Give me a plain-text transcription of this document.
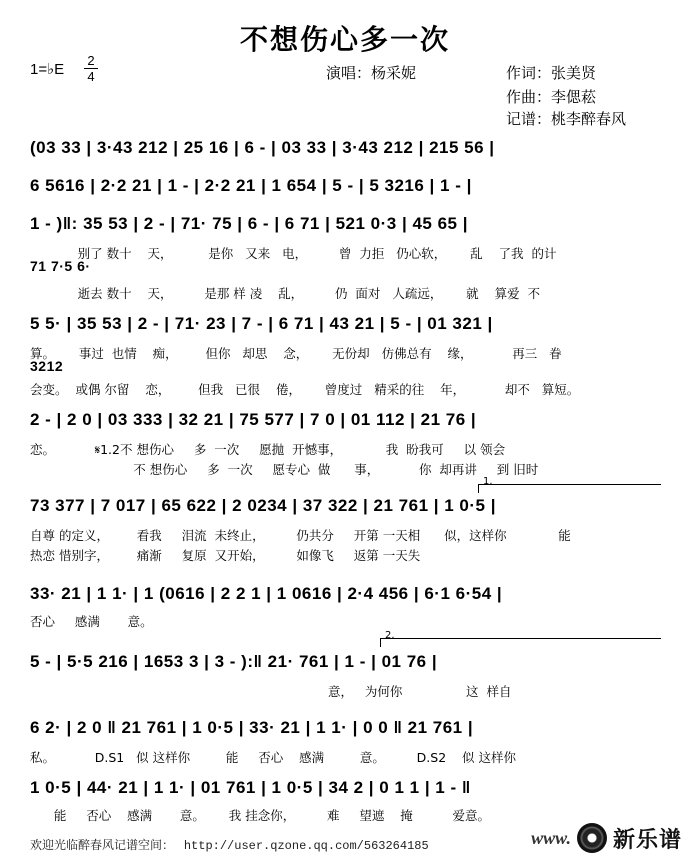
不想伤心多一次
1=♭E
2
4	演唱：杨采妮	作词：张美贤
作曲：李偲菘
记谱：桃李醉春风
(03 33 | 3·43 212 | 25 16 | 6 - | 03 33 | 3·43 212 | 215 56 |
6 5616 | 2·2 21 | 1 - | 2·2 21 | 1 654 | 5 - | 5 3216 | 1 - |
1 - )‖: 35 53 | 2 - | 71· 75 | 6 - | 6 71 | 521 0·3 | 45 65 |
别了 数十    天，         是你   又来   电，        曾  力拒   仍心软，      乱    了我  的计
71 7·5 6·
逝去 数十    天，        是那 样 凌    乱，        仍  面对   人疏远，      就    算爱  不
5 5· | 35 53 | 2 - | 71· 23 | 7 - | 6 71 | 43 21 | 5 - | 01 321 |
算。      事过  也情    痴，       但你   却思    念，      无份却   仿佛总有    缘，          再三   眷
3212
会变。  或偶 尔留    恋，       但我   已很    倦，      曾度过   精采的往    年，          却不   算短。
2 - | 2 0 | 03 333 | 32 21 | 75 577 | 7 0 | 01 112 | 21 76 |
恋。          𝄋1.2不 想伤心     多  一次     愿抛  开憾事，           我  盼我可     以 领会
不 想伤心     多  一次     愿专心  做      事，          你  却再讲     到 旧时
1.
73 377 | 7 017 | 65 622 | 2 0234 | 37 322 | 21 761 | 1 0·5 |
自尊 的定义，       看我     泪流  未终止，        仍共分     开第 一天相      似，这样你             能
热恋 惜别字，       痛渐     复原  又开始，        如像飞     返第 一天失
33· 21 | 1 1· | 1 (0616 | 2 2 1 | 1 0616 | 2·4 456 | 6·1 6·54 |
否心     感满       意。
2.
5 - | 5·5 216 | 1653 3 | 3 - ):‖ 21· 761 | 1 - | 01 76 |
意，   为何你                这  样自
6 2· | 2 0 ‖ 21 761 | 1 0·5 | 33· 21 | 1 1· | 0 0 ‖ 21 761 |
私。          D.S1   似 这样你         能     否心    感满         意。        D.S2    似 这样你
1 0·5 | 44· 21 | 1 1· | 01 761 | 1 0·5 | 34 2 | 0 1 1 | 1 - ‖
能     否心    感满       意。      我 挂念你，        难     望遮    掩          爱意。
欢迎光临醉春风记谱空间： http://user.qzone.qq.com/563264185	www. 新乐谱
